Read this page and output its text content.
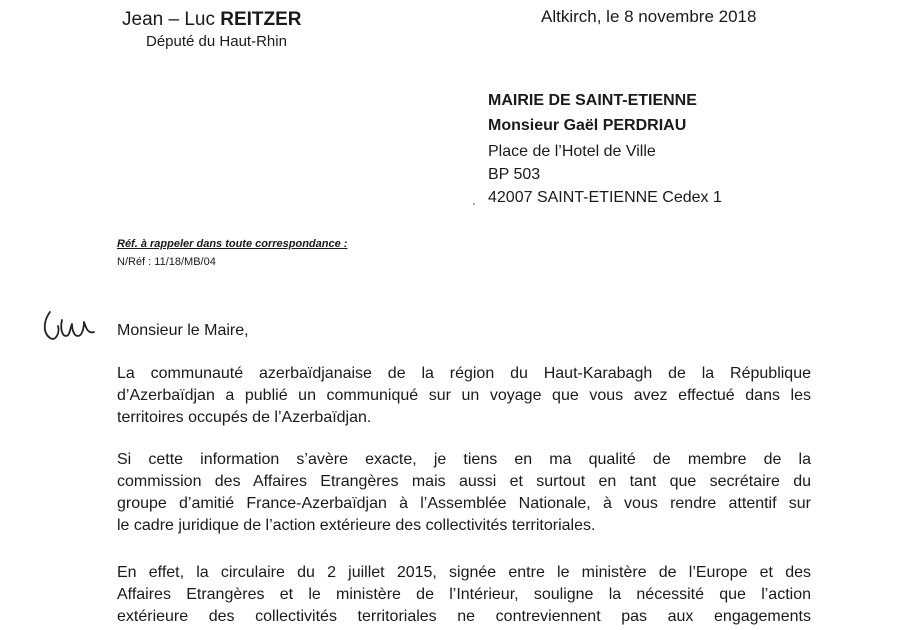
Jean – Luc REITZER
Député du Haut-Rhin
Altkirch, le 8 novembre 2018
MAIRIE DE SAINT-ETIENNE
Monsieur Gaël PERDRIAU
Place de l’Hotel de Ville
BP 503
42007 SAINT-ETIENNE Cedex 1
·
Réf. à rappeler dans toute correspondance :
N/Réf : 11/18/MB/04
Monsieur le Maire,
La communauté azerbaïdjanaise de la région du Haut-Karabagh de la République
d’Azerbaïdjan a publié un communiqué sur un voyage que vous avez effectué dans les
territoires occupés de l’Azerbaïdjan.
Si cette information s’avère exacte, je tiens en ma qualité de membre de la
commission des Affaires Etrangères mais aussi et surtout en tant que secrétaire du
groupe d’amitié France-Azerbaïdjan à l’Assemblée Nationale, à vous rendre attentif sur
le cadre juridique de l’action extérieure des collectivités territoriales.
En effet, la circulaire du 2 juillet 2015, signée entre le ministère de l’Europe et des
Affaires Etrangères et le ministère de l’Intérieur, souligne la nécessité que l’action
extérieure des collectivités territoriales ne contreviennent pas aux engagements
